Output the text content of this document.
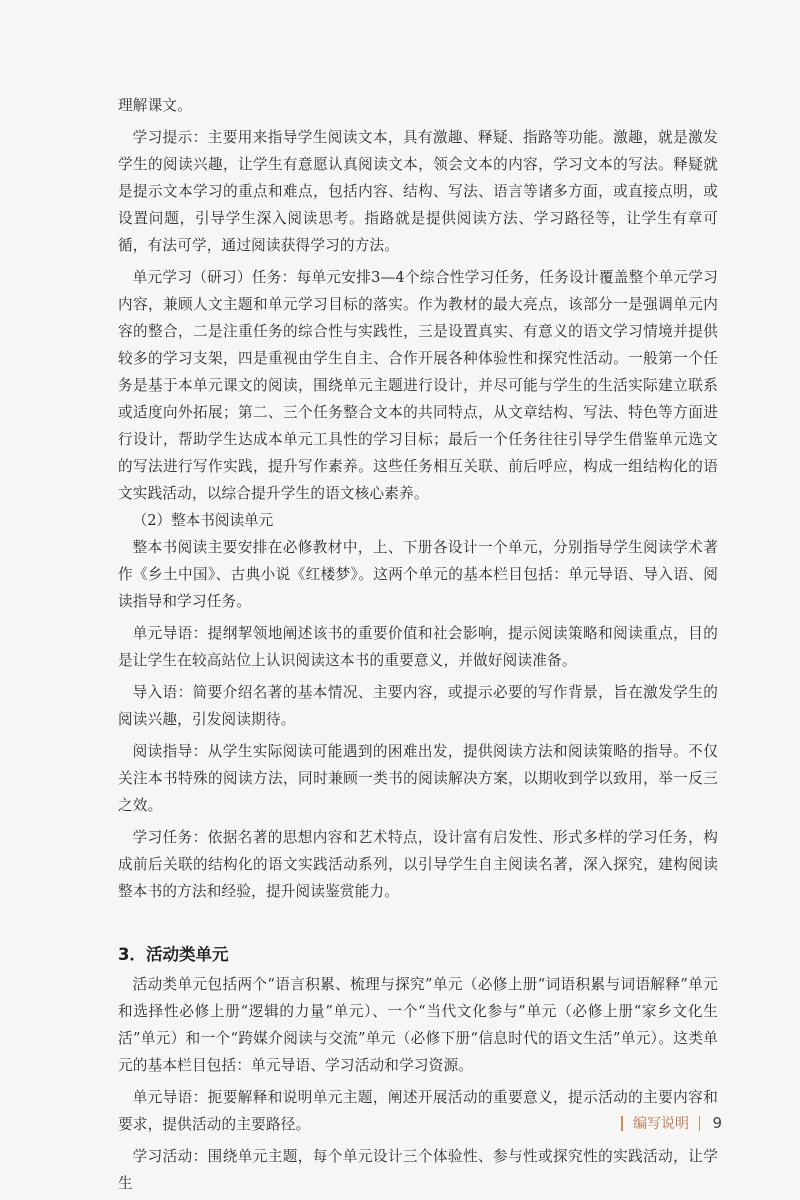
理解课文。

学习提示：主要用来指导学生阅读文本，具有激趣、释疑、指路等功能。激趣，就是激发学生的阅读兴趣，让学生有意愿认真阅读文本，领会文本的内容，学习文本的写法。释疑就是提示文本学习的重点和难点，包括内容、结构、写法、语言等诸多方面，或直接点明，或设置问题，引导学生深入阅读思考。指路就是提供阅读方法、学习路径等，让学生有章可循，有法可学，通过阅读获得学习的方法。

单元学习（研习）任务：每单元安排3—4个综合性学习任务，任务设计覆盖整个单元学习内容，兼顾人文主题和单元学习目标的落实。作为教材的最大亮点，该部分一是强调单元内容的整合，二是注重任务的综合性与实践性，三是设置真实、有意义的语文学习情境并提供较多的学习支架，四是重视由学生自主、合作开展各种体验性和探究性活动。一般第一个任务是基于本单元课文的阅读，围绕单元主题进行设计，并尽可能与学生的生活实际建立联系或适度向外拓展；第二、三个任务整合文本的共同特点，从文章结构、写法、特色等方面进行设计，帮助学生达成本单元工具性的学习目标；最后一个任务往往引导学生借鉴单元选文的写法进行写作实践，提升写作素养。这些任务相互关联、前后呼应，构成一组结构化的语文实践活动，以综合提升学生的语文核心素养。

（2）整本书阅读单元

整本书阅读主要安排在必修教材中，上、下册各设计一个单元，分别指导学生阅读学术著作《乡土中国》、古典小说《红楼梦》。这两个单元的基本栏目包括：单元导语、导入语、阅读指导和学习任务。

单元导语：提纲挈领地阐述该书的重要价值和社会影响，提示阅读策略和阅读重点，目的是让学生在较高站位上认识阅读这本书的重要意义，并做好阅读准备。

导入语：简要介绍名著的基本情况、主要内容，或提示必要的写作背景，旨在激发学生的阅读兴趣，引发阅读期待。

阅读指导：从学生实际阅读可能遇到的困难出发，提供阅读方法和阅读策略的指导。不仅关注本书特殊的阅读方法，同时兼顾一类书的阅读解决方案，以期收到学以致用，举一反三之效。

学习任务：依据名著的思想内容和艺术特点，设计富有启发性、形式多样的学习任务，构成前后关联的结构化的语文实践活动系列，以引导学生自主阅读名著，深入探究，建构阅读整本书的方法和经验，提升阅读鉴赏能力。

3．活动类单元

活动类单元包括两个“语言积累、梳理与探究”单元（必修上册“词语积累与词语解释”单元和选择性必修上册“逻辑的力量”单元）、一个“当代文化参与”单元（必修上册“家乡文化生活”单元）和一个“跨媒介阅读与交流”单元（必修下册“信息时代的语文生活”单元）。这类单元的基本栏目包括：单元导语、学习活动和学习资源。

单元导语：扼要解释和说明单元主题，阐述开展活动的重要意义，提示活动的主要内容和要求，提供活动的主要路径。

学习活动：围绕单元主题，每个单元设计三个体验性、参与性或探究性的实践活动，让学生

编写说明 9
